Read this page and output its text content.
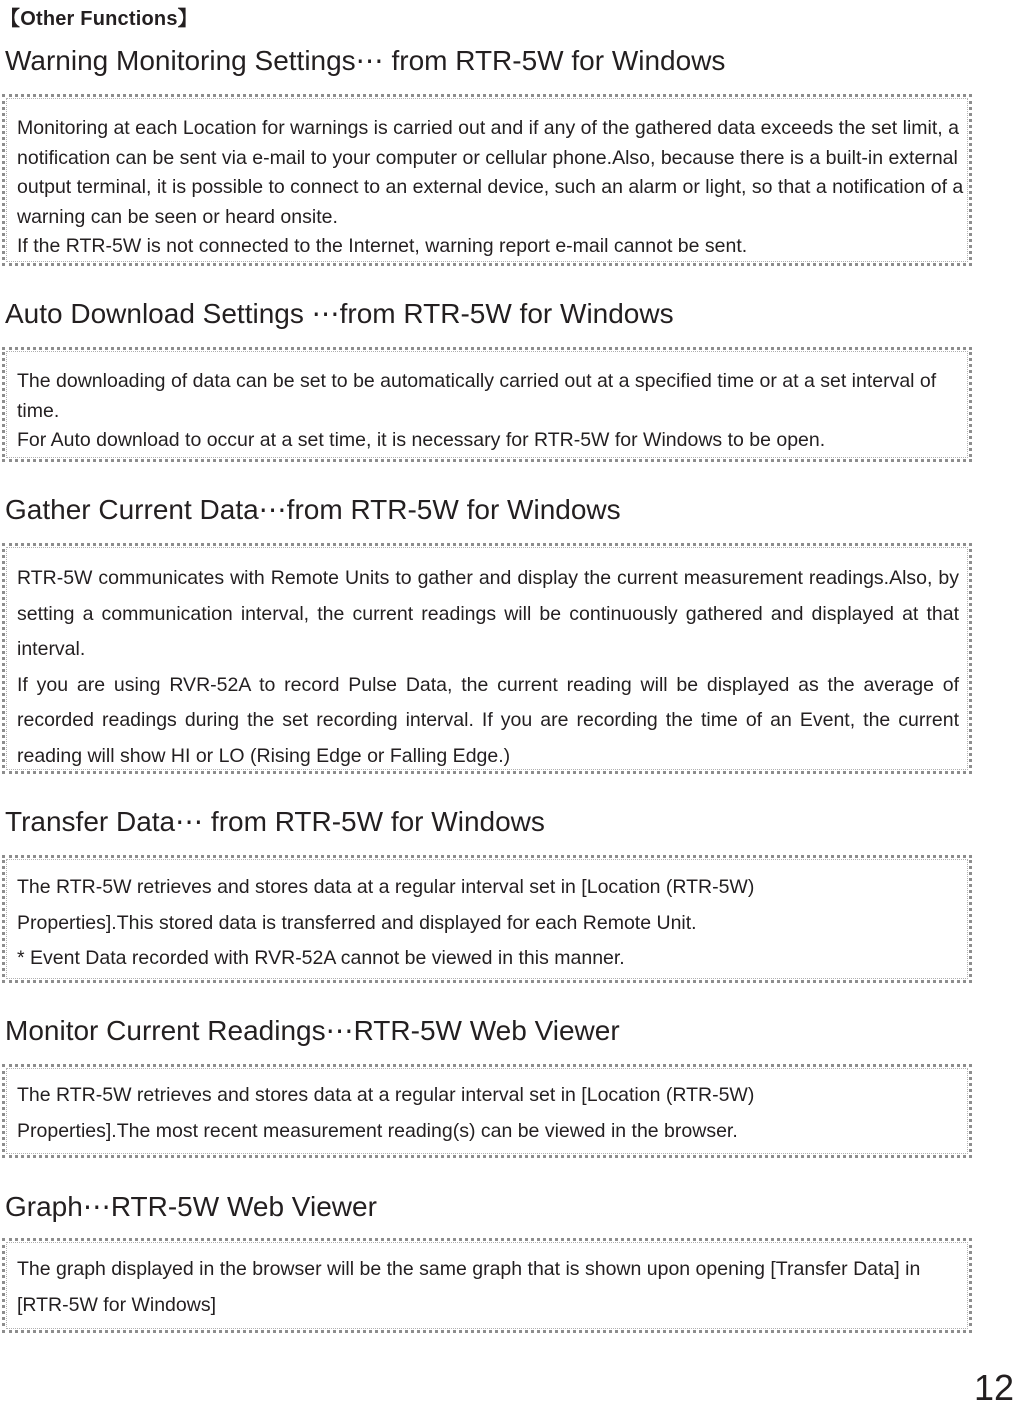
【Other Functions】
Warning Monitoring Settings⋯ from RTR-5W for Windows

Monitoring at each Location for warnings is carried out and if any of the gathered data exceeds the set limit, a notification can be sent via e-mail to your computer or cellular phone.Also, because there is a built-in external output terminal, it is possible to connect to an external device, such an alarm or light, so that a notification of a warning can be seen or heard onsite.

If the RTR-5W is not connected to the Internet, warning report e-mail cannot be sent.

Auto Download Settings ⋯from RTR-5W for Windows

The downloading of data can be set to be automatically carried out at a specified time or at a set interval of time.

For Auto download to occur at a set time, it is necessary for RTR-5W for Windows to be open.

Gather Current Data⋯from RTR-5W for Windows

RTR-5W communicates with Remote Units to gather and display the current measurement readings.Also, by setting a communication interval, the current readings will be continuously gathered and displayed at that interval.

If you are using RVR-52A to record Pulse Data, the current reading will be displayed as the average of recorded readings during the set recording interval. If you are recording the time of an Event, the current reading will show HI or LO (Rising Edge or Falling Edge.)

Transfer Data⋯ from RTR-5W for Windows

The RTR-5W retrieves and stores data at a regular interval set in [Location (RTR-5W) Properties].This stored data is transferred and displayed for each Remote Unit.

* Event Data recorded with RVR-52A cannot be viewed in this manner.

Monitor Current Readings⋯RTR-5W Web Viewer

The RTR-5W retrieves and stores data at a regular interval set in [Location (RTR-5W) Properties].The most recent measurement reading(s) can be viewed in the browser.

Graph⋯RTR-5W Web Viewer

The graph displayed in the browser will be the same graph that is shown upon opening [Transfer Data] in [RTR-5W for Windows]

12
